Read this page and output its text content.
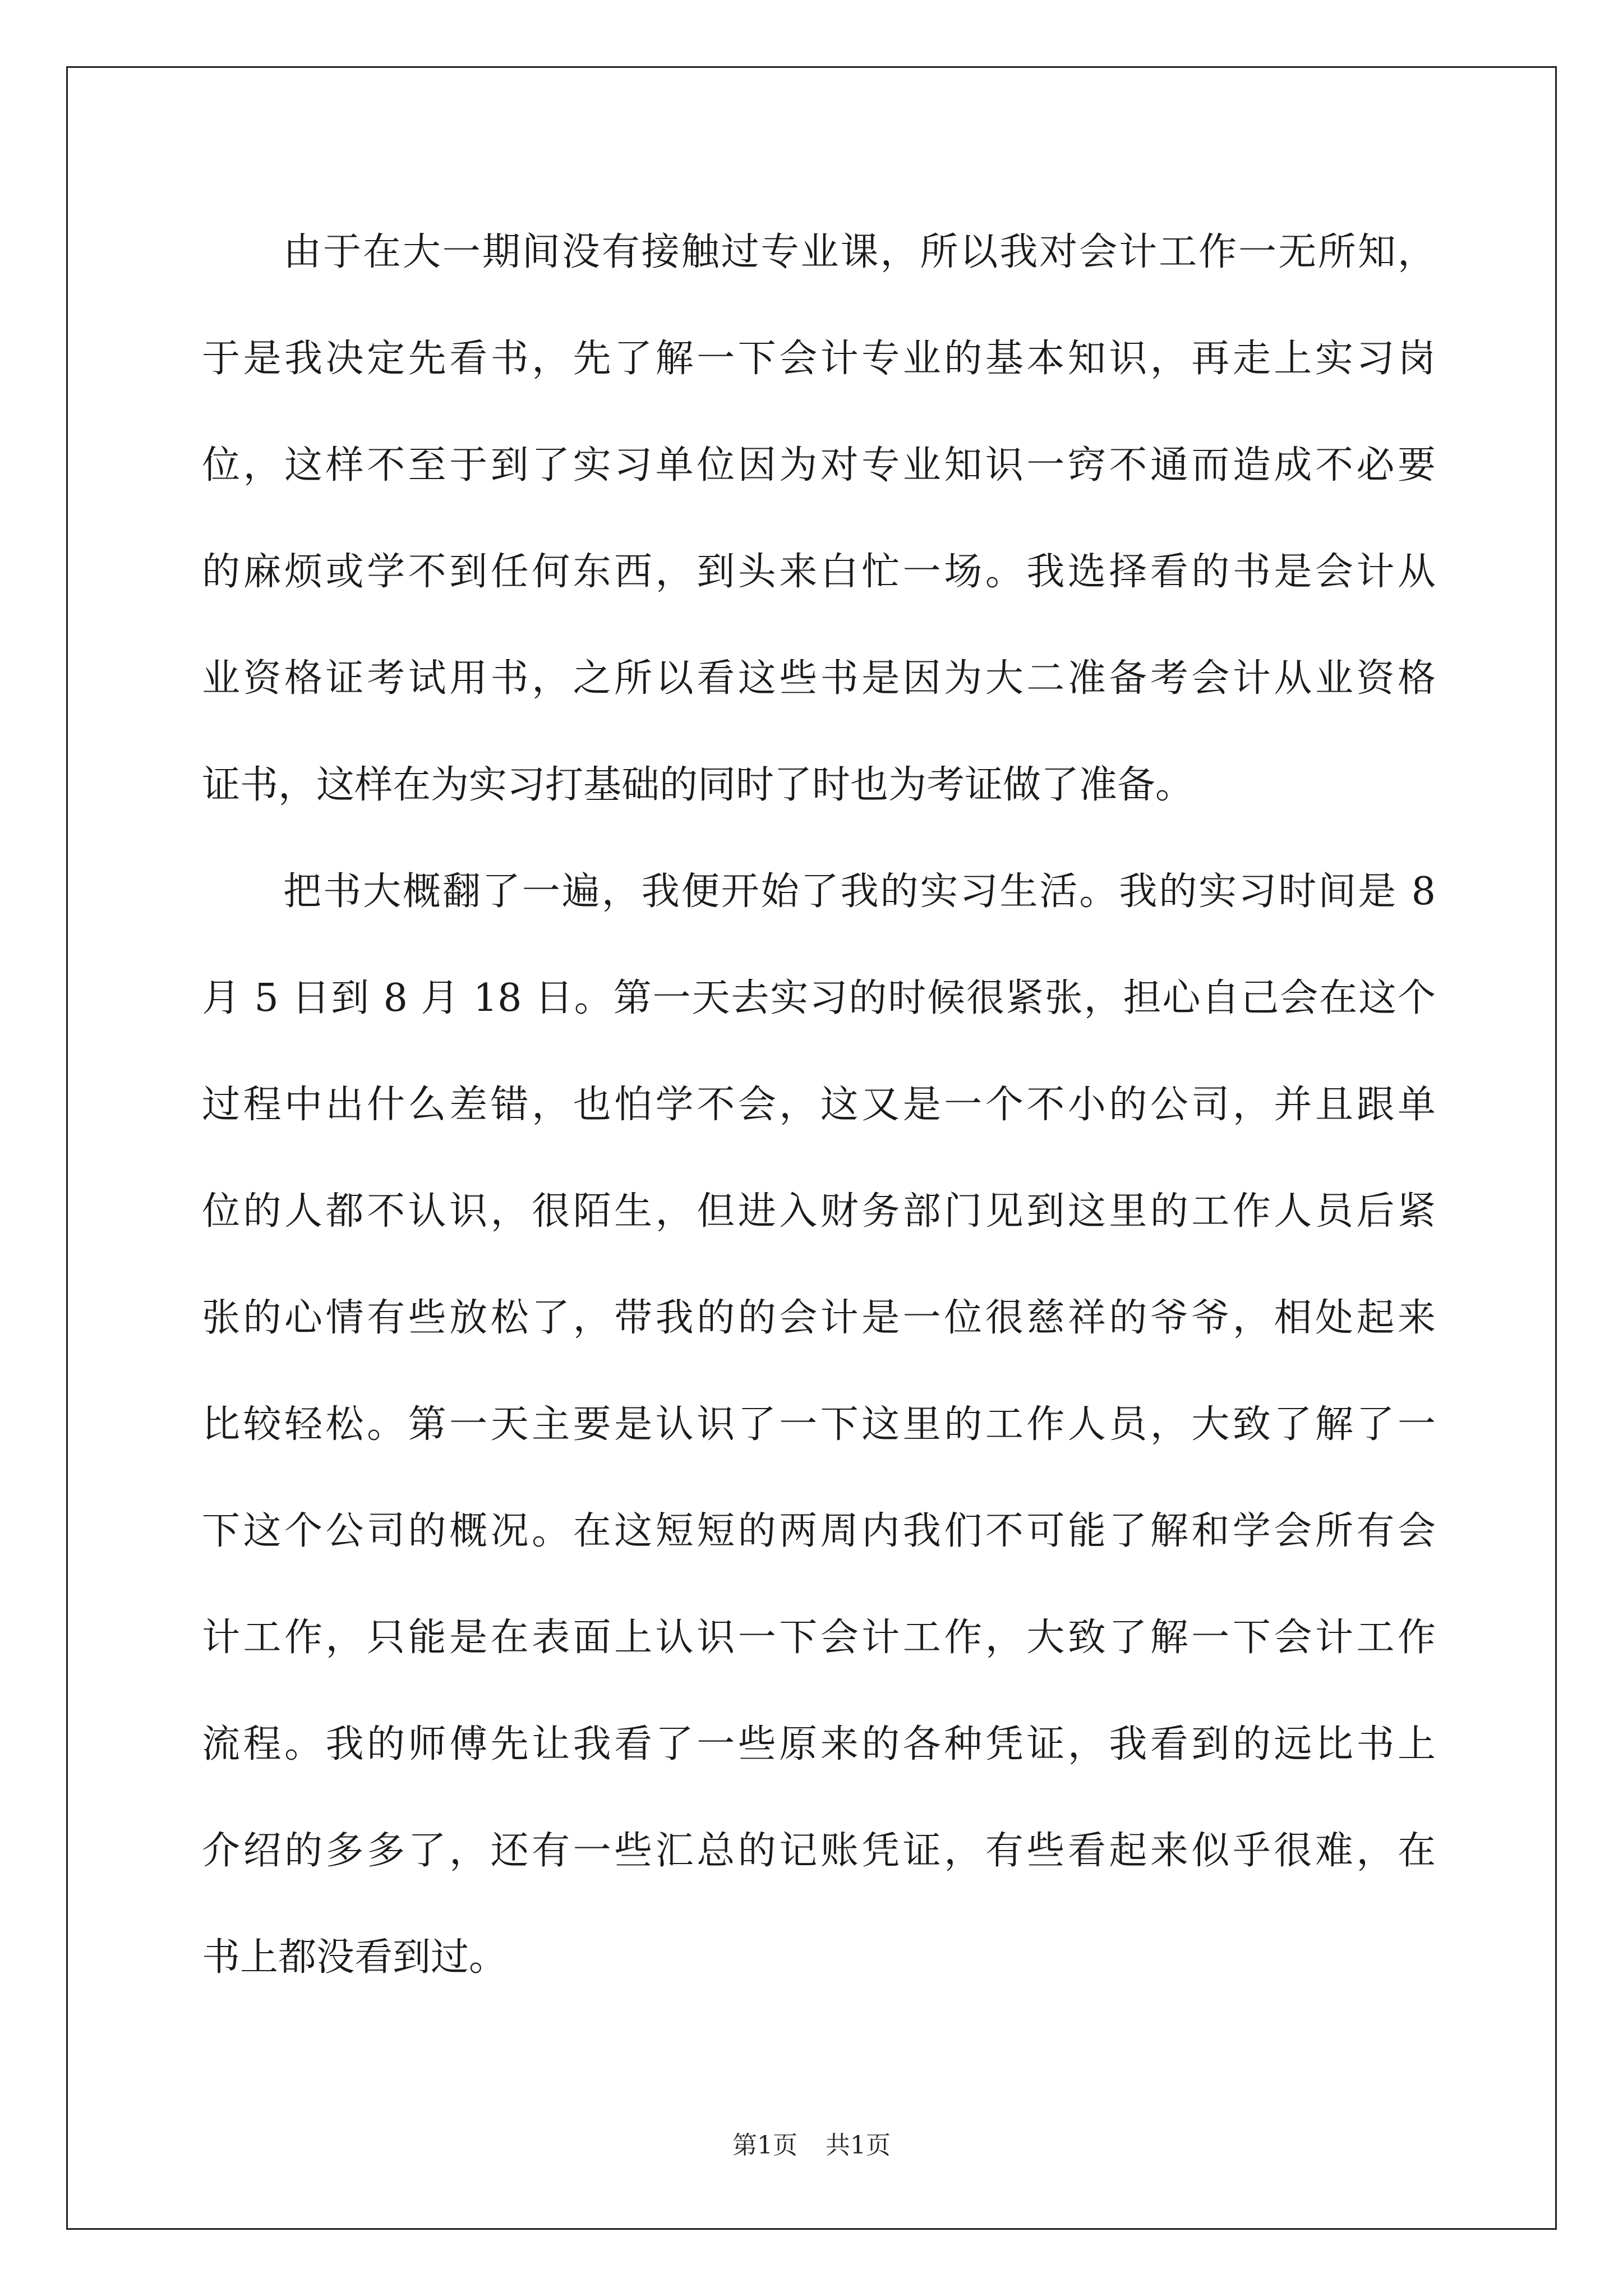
由于在大一期间没有接触过专业课，所以我对会计工作一无所知，
于是我决定先看书，先了解一下会计专业的基本知识，再走上实习岗
位，这样不至于到了实习单位因为对专业知识一窍不通而造成不必要
的麻烦或学不到任何东西，到头来白忙一场。我选择看的书是会计从
业资格证考试用书，之所以看这些书是因为大二准备考会计从业资格
证书，这样在为实习打基础的同时了时也为考证做了准备。
把书大概翻了一遍，我便开始了我的实习生活。我的实习时间是 8
月 5 日到 8 月 18 日。第一天去实习的时候很紧张，担心自己会在这个
过程中出什么差错，也怕学不会，这又是一个不小的公司，并且跟单
位的人都不认识，很陌生，但进入财务部门见到这里的工作人员后紧
张的心情有些放松了，带我的的会计是一位很慈祥的爷爷，相处起来
比较轻松。第一天主要是认识了一下这里的工作人员，大致了解了一
下这个公司的概况。在这短短的两周内我们不可能了解和学会所有会
计工作，只能是在表面上认识一下会计工作，大致了解一下会计工作
流程。我的师傅先让我看了一些原来的各种凭证，我看到的远比书上
介绍的多多了，还有一些汇总的记账凭证，有些看起来似乎很难，在
书上都没看到过。
第1页 共1页
